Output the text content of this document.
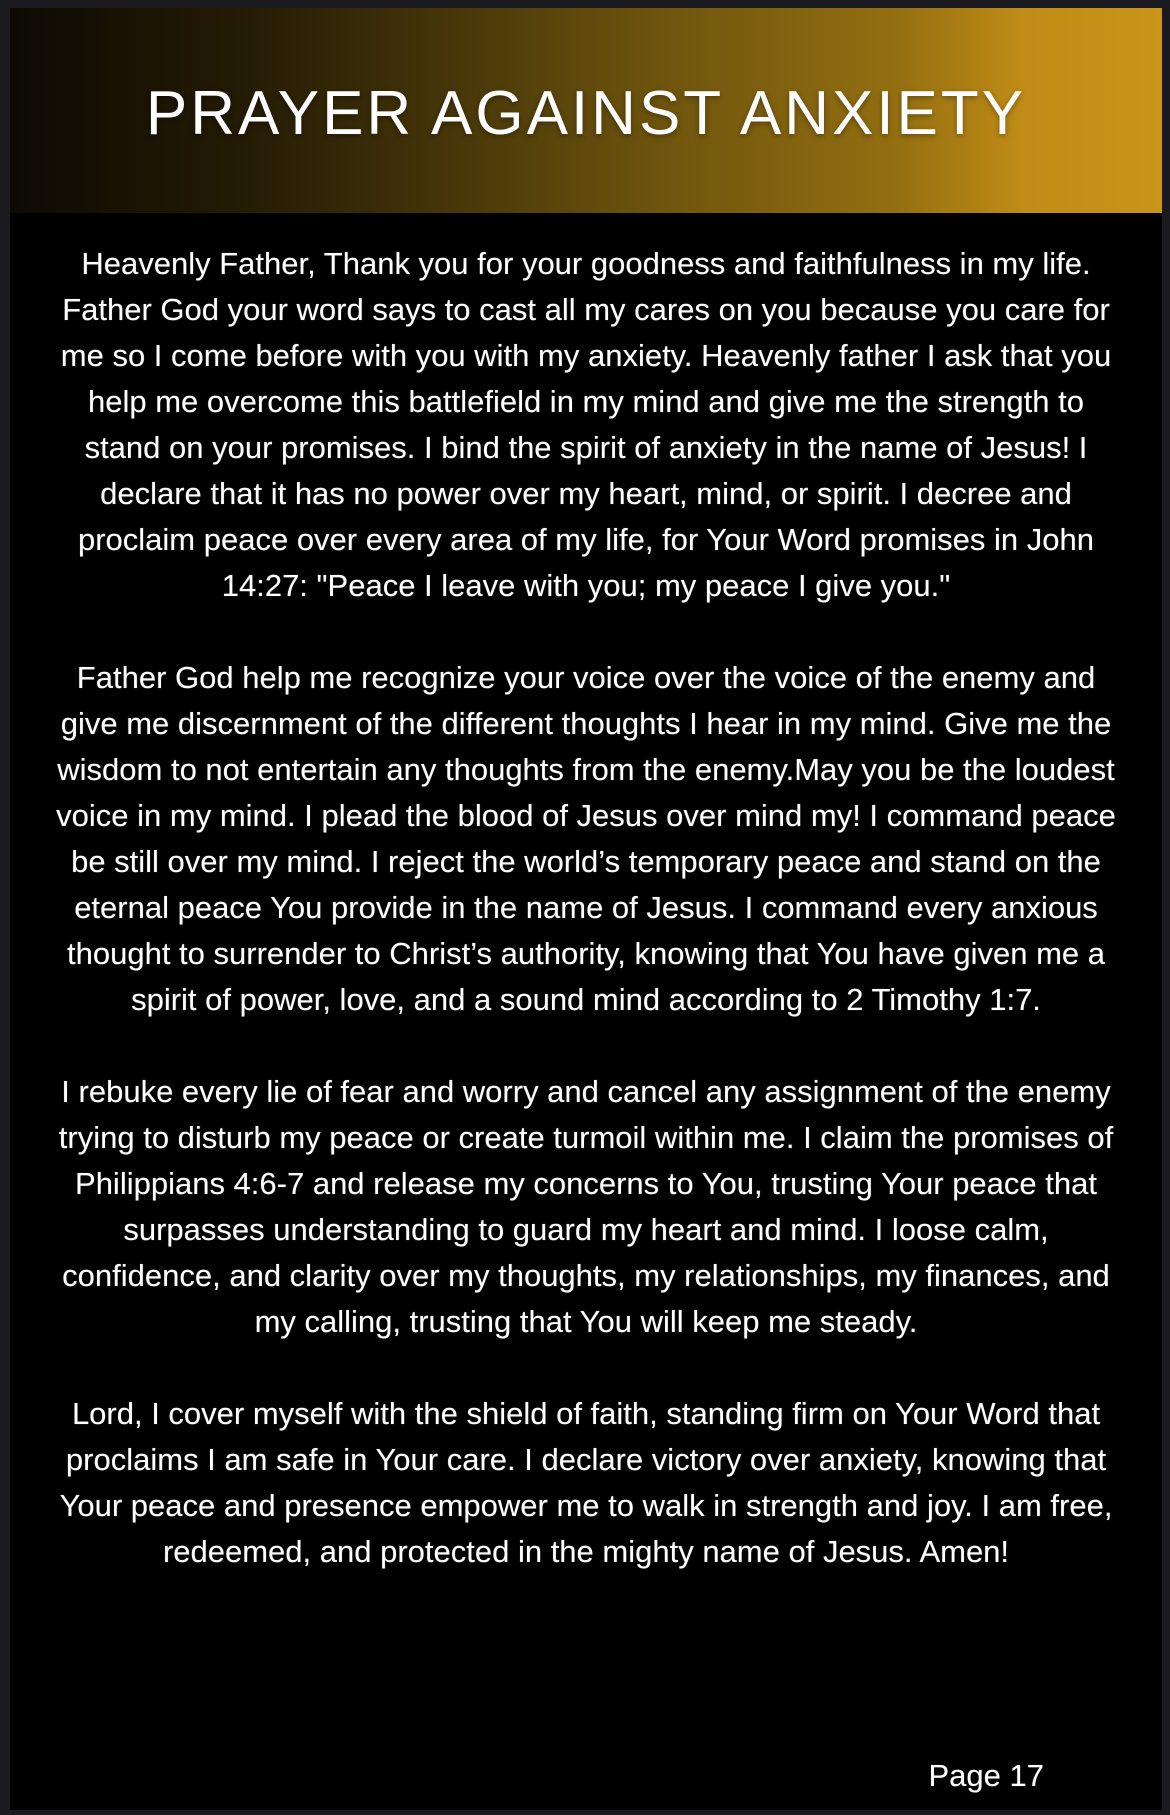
PRAYER AGAINST ANXIETY

Heavenly Father, Thank you for your goodness and faithfulness in my life. Father God your word says to cast all my cares on you because you care for me so I come before with you with my anxiety. Heavenly father I ask that you help me overcome this battlefield in my mind and give me the strength to stand on your promises. I bind the spirit of anxiety in the name of Jesus! I declare that it has no power over my heart, mind, or spirit. I decree and proclaim peace over every area of my life, for Your Word promises in John 14:27: "Peace I leave with you; my peace I give you."

Father God help me recognize your voice over the voice of the enemy and give me discernment of the different thoughts I hear in my mind. Give me the wisdom to not entertain any thoughts from the enemy.May you be the loudest voice in my mind. I plead the blood of Jesus over mind my! I command peace be still over my mind. I reject the world’s temporary peace and stand on the eternal peace You provide in the name of Jesus. I command every anxious thought to surrender to Christ’s authority, knowing that You have given me a spirit of power, love, and a sound mind according to 2 Timothy 1:7.

I rebuke every lie of fear and worry and cancel any assignment of the enemy trying to disturb my peace or create turmoil within me. I claim the promises of Philippians 4:6-7 and release my concerns to You, trusting Your peace that surpasses understanding to guard my heart and mind. I loose calm, confidence, and clarity over my thoughts, my relationships, my finances, and my calling, trusting that You will keep me steady.

Lord, I cover myself with the shield of faith, standing firm on Your Word that proclaims I am safe in Your care. I declare victory over anxiety, knowing that Your peace and presence empower me to walk in strength and joy. I am free, redeemed, and protected in the mighty name of Jesus. Amen!

Page 17
